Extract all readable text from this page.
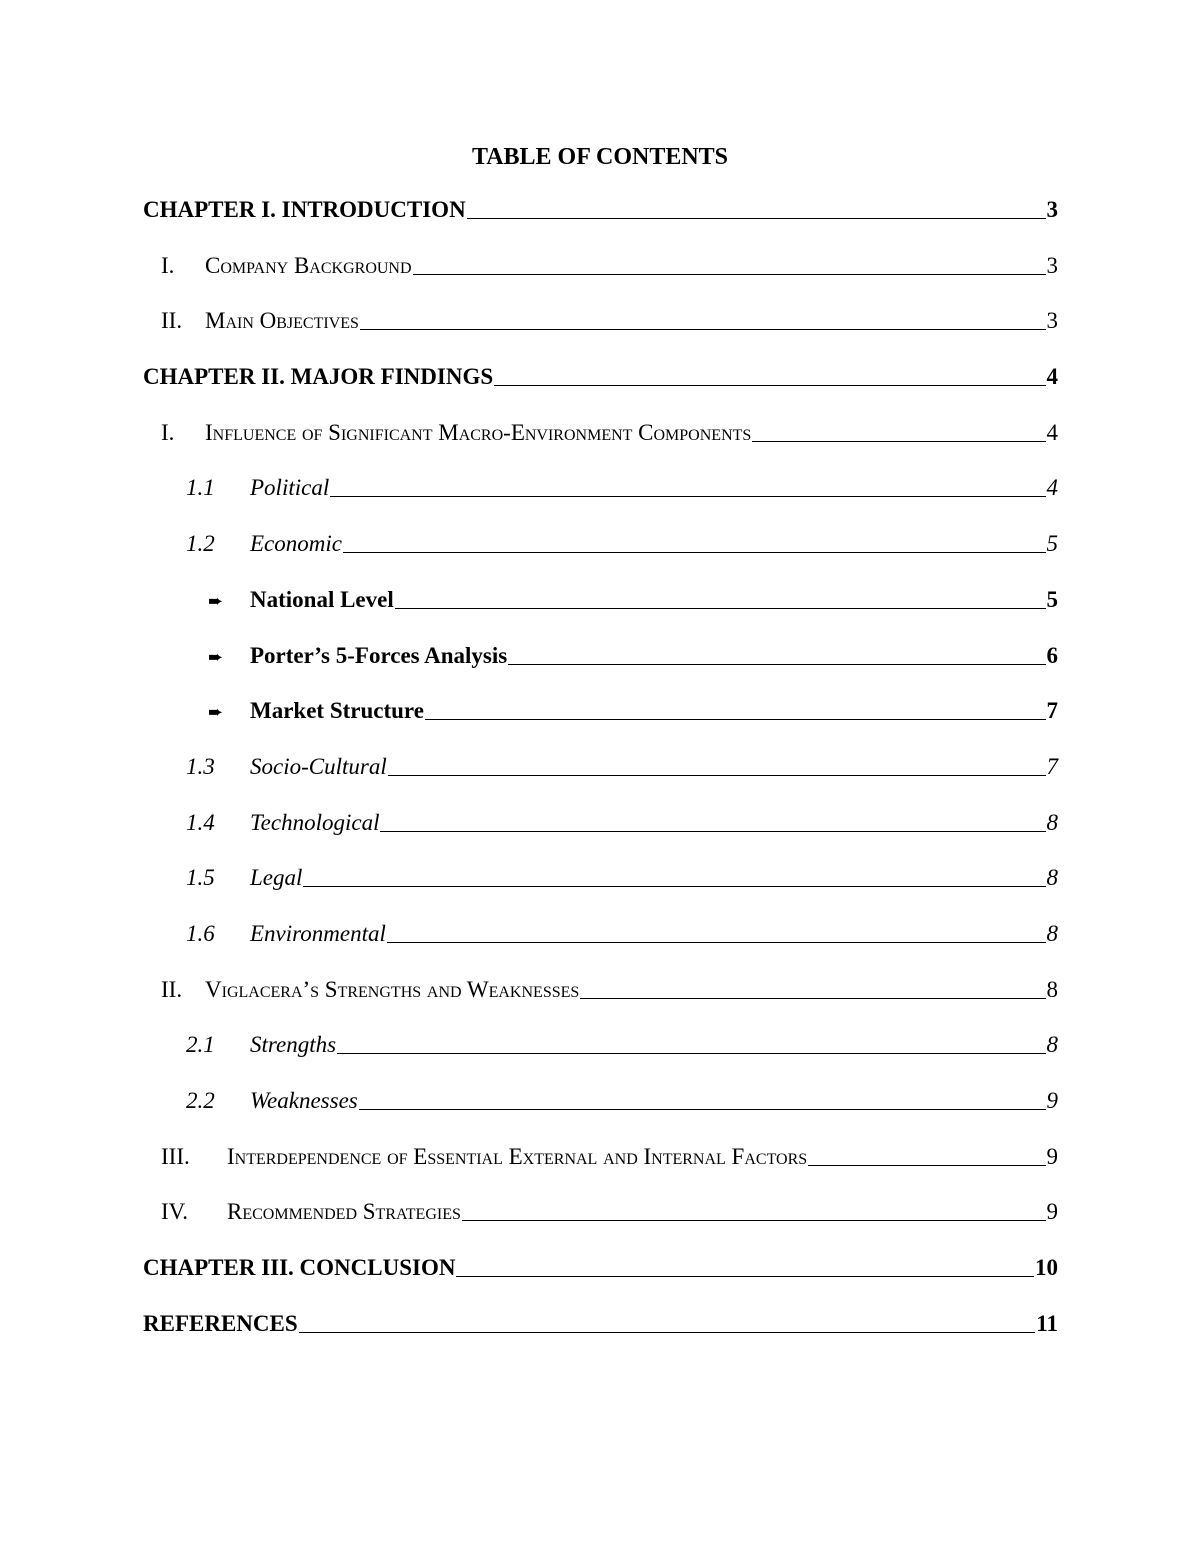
TABLE OF CONTENTS
CHAPTER I. INTRODUCTION	3
I.	Company Background	3
II. Main Objectives	3
CHAPTER II. MAJOR FINDINGS	4
I.	Influence of Significant Macro-Environment Components	4
1.1	Political	4
1.2	Economic	5
➨	National Level	5
➨	Porter’s 5-Forces Analysis	6
➨	Market Structure	7
1.3	Socio-Cultural	7
1.4	Technological	8
1.5	Legal	8
1.6	Environmental	8
II. Viglacera’s Strengths and Weaknesses	8
2.1	Strengths	8
2.2	Weaknesses	9
III.	Interdependence of Essential External and Internal Factors	9
IV.	Recommended Strategies	9
CHAPTER III. CONCLUSION	10
REFERENCES	11
